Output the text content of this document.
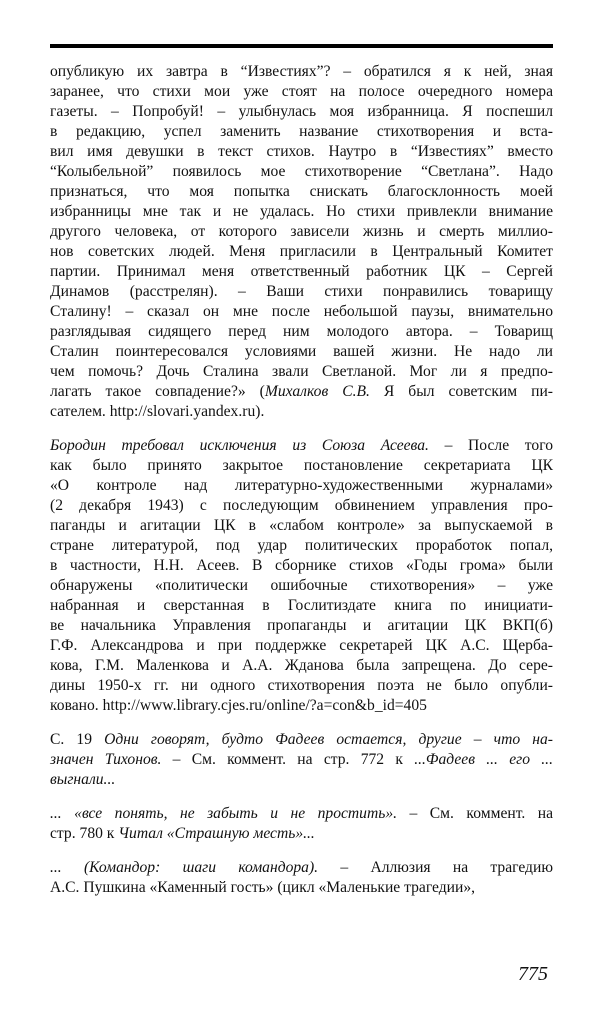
опубликую их завтра в “Известиях”? – обратился я к ней, зная
заранее, что стихи мои уже стоят на полосе очередного номера
газеты. – Попробуй! – улыбнулась моя избранница. Я поспешил
в редакцию, успел заменить название стихотворения и вста-
вил имя девушки в текст стихов. Наутро в “Известиях” вместо
“Колыбельной” появилось мое стихотворение “Светлана”. Надо
признаться, что моя попытка снискать благосклонность моей
избранницы мне так и не удалась. Но стихи привлекли внимание
другого человека, от которого зависели жизнь и смерть миллио-
нов советских людей. Меня пригласили в Центральный Комитет
партии. Принимал меня ответственный работник ЦК – Сергей
Динамов (расстрелян). – Ваши стихи понравились товарищу
Сталину! – сказал он мне после небольшой паузы, внимательно
разглядывая сидящего перед ним молодого автора. – Товарищ
Сталин поинтересовался условиями вашей жизни. Не надо ли
чем помочь? Дочь Сталина звали Светланой. Мог ли я предпо-
лагать такое совпадение?» (Михалков С.В. Я был советским пи-
сателем. http://slovari.yandex.ru).
Бородин требовал исключения из Союза Асеева. – После того
как было принято закрытое постановление секретариата ЦК
«О контроле над литературно-художественными журналами»
(2 декабря 1943) с последующим обвинением управления про-
паганды и агитации ЦК в «слабом контроле» за выпускаемой в
стране литературой, под удар политических проработок попал,
в частности, Н.Н. Асеев. В сборнике стихов «Годы грома» были
обнаружены «политически ошибочные стихотворения» – уже
набранная и сверстанная в Гослитиздате книга по инициати-
ве начальника Управления пропаганды и агитации ЦК ВКП(б)
Г.Ф. Александрова и при поддержке секретарей ЦК А.С. Щерба-
кова, Г.М. Маленкова и А.А. Жданова была запрещена. До сере-
дины 1950-х гг. ни одного стихотворения поэта не было опубли-
ковано. http://www.library.cjes.ru/online/?a=con&b_id=405
С. 19 Одни говорят, будто Фадеев остается, другие – что на-
значен Тихонов. – См. коммент. на стр. 772 к ...Фадеев ... его ...
выгнали...
... «все понять, не забыть и не простить». – См. коммент. на
стр. 780 к Читал «Страшную месть»...
... (Командор: шаги командора). – Аллюзия на трагедию
А.С. Пушкина «Каменный гость» (цикл «Маленькие трагедии»,
775
